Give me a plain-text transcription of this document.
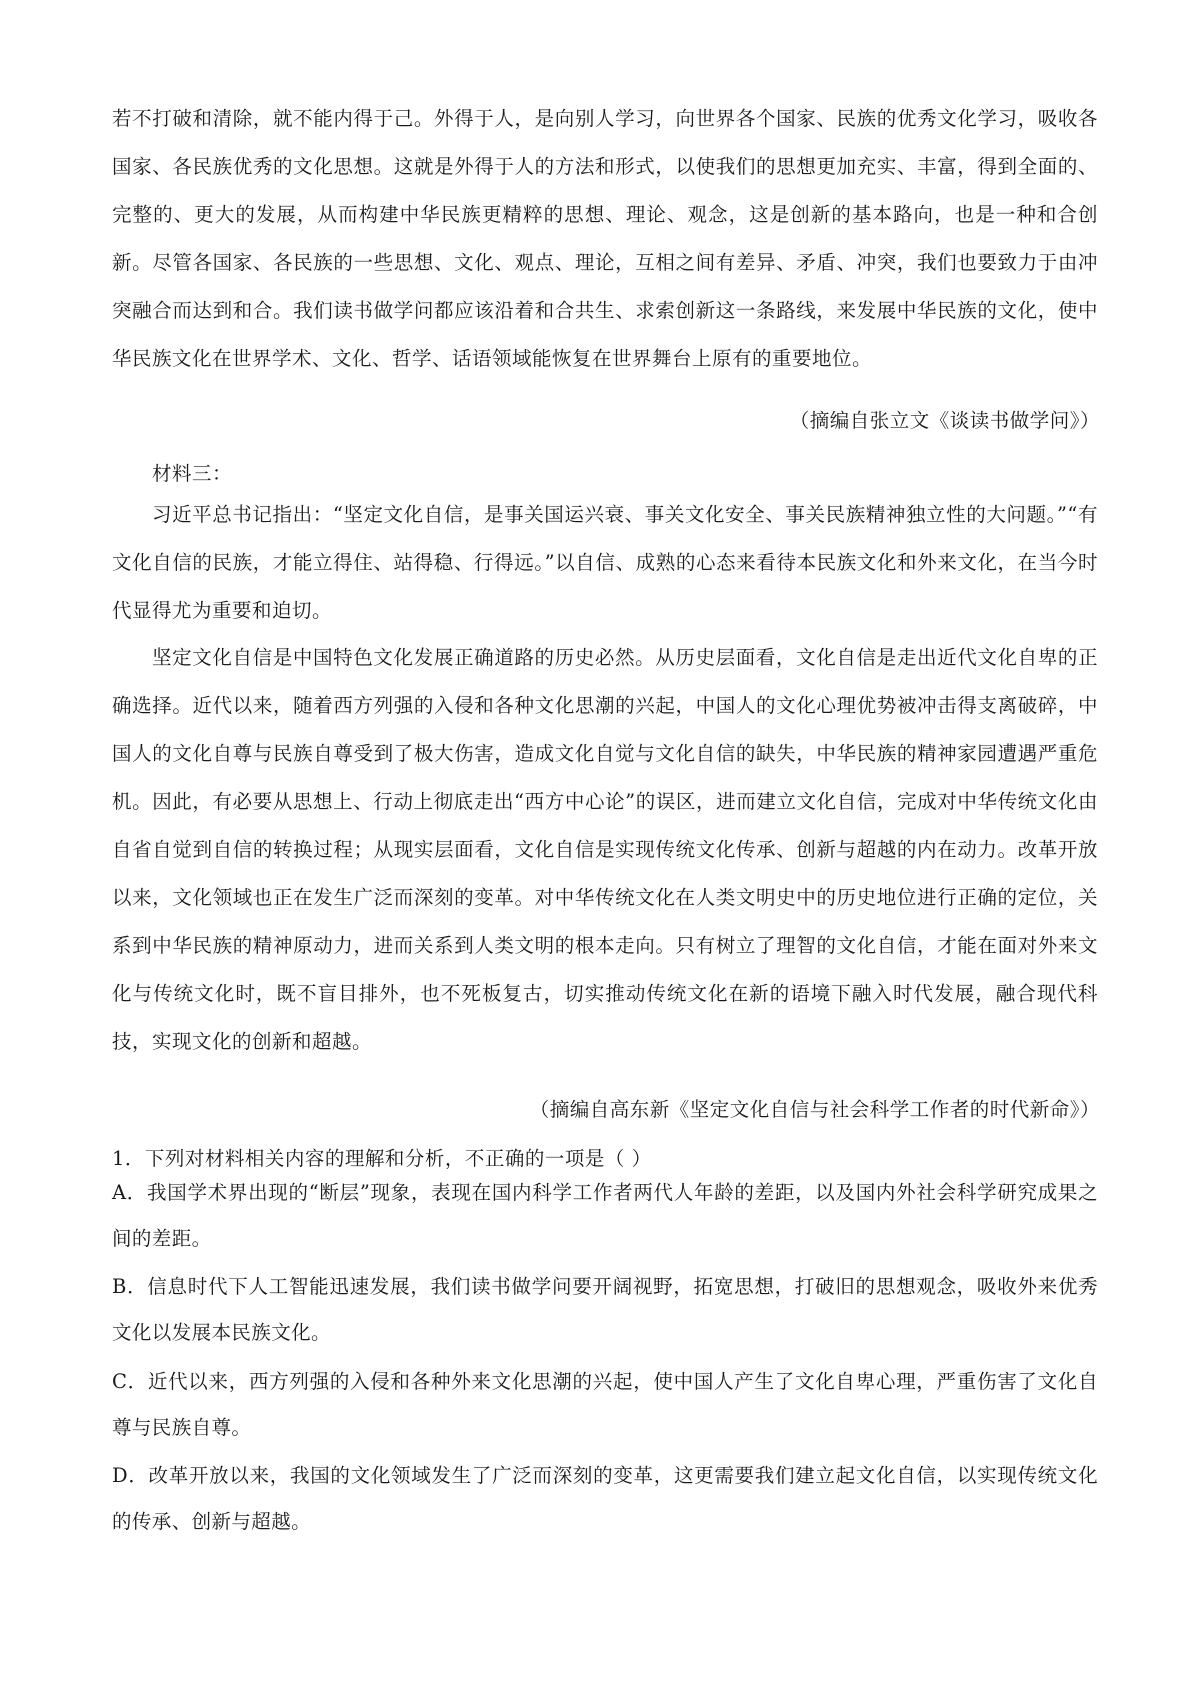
若不打破和清除，就不能内得于己。外得于人，是向别人学习，向世界各个国家、民族的优秀文化学习，吸收各国家、各民族优秀的文化思想。这就是外得于人的方法和形式，以使我们的思想更加充实、丰富，得到全面的、完整的、更大的发展，从而构建中华民族更精粹的思想、理论、观念，这是创新的基本路向，也是一种和合创新。尽管各国家、各民族的一些思想、文化、观点、理论，互相之间有差异、矛盾、冲突，我们也要致力于由冲突融合而达到和合。我们读书做学问都应该沿着和合共生、求索创新这一条路线，来发展中华民族的文化，使中华民族文化在世界学术、文化、哲学、话语领域能恢复在世界舞台上原有的重要地位。

（摘编自张立文《谈读书做学问》）

材料三：

习近平总书记指出：“坚定文化自信，是事关国运兴衰、事关文化安全、事关民族精神独立性的大问题。”“有文化自信的民族，才能立得住、站得稳、行得远。”以自信、成熟的心态来看待本民族文化和外来文化，在当今时代显得尤为重要和迫切。

坚定文化自信是中国特色文化发展正确道路的历史必然。从历史层面看，文化自信是走出近代文化自卑的正确选择。近代以来，随着西方列强的入侵和各种文化思潮的兴起，中国人的文化心理优势被冲击得支离破碎，中国人的文化自尊与民族自尊受到了极大伤害，造成文化自觉与文化自信的缺失，中华民族的精神家园遭遇严重危机。因此，有必要从思想上、行动上彻底走出“西方中心论”的误区，进而建立文化自信，完成对中华传统文化由自省自觉到自信的转换过程；从现实层面看，文化自信是实现传统文化传承、创新与超越的内在动力。改革开放以来，文化领域也正在发生广泛而深刻的变革。对中华传统文化在人类文明史中的历史地位进行正确的定位，关系到中华民族的精神原动力，进而关系到人类文明的根本走向。只有树立了理智的文化自信，才能在面对外来文化与传统文化时，既不盲目排外，也不死板复古，切实推动传统文化在新的语境下融入时代发展，融合现代科技，实现文化的创新和超越。

（摘编自高东新《坚定文化自信与社会科学工作者的时代新命》）

1．下列对材料相关内容的理解和分析，不正确的一项是（ ）

A．我国学术界出现的“断层”现象，表现在国内科学工作者两代人年龄的差距，以及国内外社会科学研究成果之间的差距。

B．信息时代下人工智能迅速发展，我们读书做学问要开阔视野，拓宽思想，打破旧的思想观念，吸收外来优秀文化以发展本民族文化。

C．近代以来，西方列强的入侵和各种外来文化思潮的兴起，使中国人产生了文化自卑心理，严重伤害了文化自尊与民族自尊。

D．改革开放以来，我国的文化领域发生了广泛而深刻的变革，这更需要我们建立起文化自信，以实现传统文化的传承、创新与超越。
